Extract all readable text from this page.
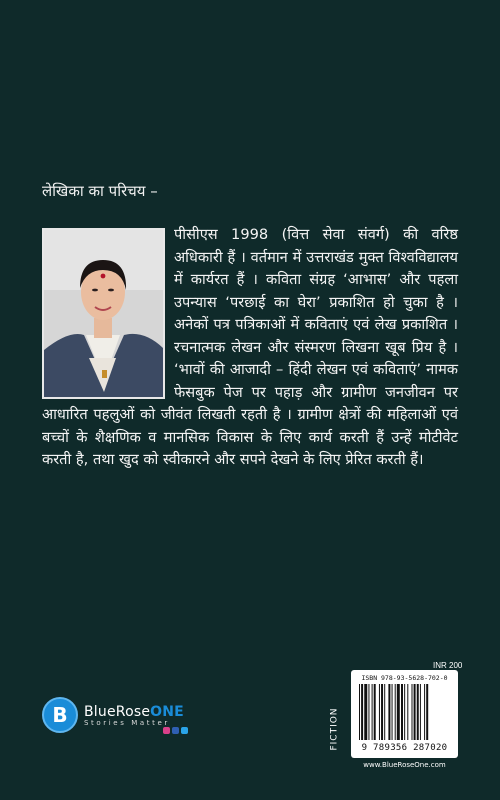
लेखिका का परिचय –
पीसीएस 1998 (वित्त सेवा संवर्ग) की वरिष्ठ अधिकारी हैं । वर्तमान में उत्तराखंड मुक्त विश्वविद्यालय में कार्यरत हैं । कविता संग्रह ‘आभास’ और पहला उपन्यास ‘परछाई का घेरा’ प्रकाशित हो चुका है । अनेकों पत्र पत्रिकाओं में कविताएं एवं लेख प्रकाशित । रचनात्मक लेखन और संस्मरण लिखना खूब प्रिय है । ‘भावों की आजादी – हिंदी लेखन एवं कविताएं’ नामक फेसबुक पेज पर पहाड़ और ग्रामीण जनजीवन पर आधारित पहलुओं को जीवंत लिखती रहती है । ग्रामीण क्षेत्रों की महिलाओं एवं बच्चों के शैक्षणिक व मानसिक विकास के लिए कार्य करती हैं उन्हें मोटीवेट करती है, तथा खुद को स्वीकारने और सपने देखने के लिए प्रेरित करती हैं।
B	BlueRoseONE
Stories Matter
INR 200
FICTION
ISBN 978-93-5628-702-0
9 789356 287020
www.BlueRoseOne.com
